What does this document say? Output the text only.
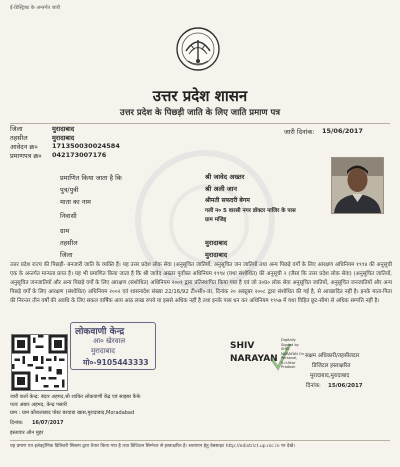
ई-डिस्ट्रिक्ट के अन्तर्गत जारी
उत्तर प्रदेश शासन
उत्तर प्रदेश के पिछड़ी जाति के लिए जाति प्रमाण पत्र
जिला	मुरादाबाद
तहसील	मुरादाबाद
आवेदन क्र० 171350030024584
प्रमाणपत्र क्र० 042173007176
जारी दिनांक: 15/06/2017
प्रमाणित किया जाता है कि	श्री जावेद अख्तर
पुत्र/पुत्री	श्री अली जान
माता का नाम	श्रीमती सफदरी बेगम
निवासी
गली न० 5 वारसी नगर डॉक्टर नाजिर के पास
ग्राम मजिद्द
ग्राम
तहसील	मुरादाबाद
जिला	मुरादाबाद
उत्तर प्रदेश राज्य की पिछड़ी- बनजारी जाति के व्यक्ति हैं। यह उत्तर प्रदेश लोक सेवा (अनुसूचित जातियों, अनुसूचित जन जातियों तथा अन्य पिछड़े वर्गों के लिए आरक्षण अधिनियम १९९४ की अनुसूची एक के अन्तर्गत मान्यता प्राप्त है। यह भी प्रमाणित किया जाता है कि श्री जावेद अख्तर पूर्वोक्त अधिनियम १९९४ (यथा संशोधित) की अनुसूची २ (जैसा कि उत्तर प्रदेश लोक सेवा) (अनुसूचित जातियों, अनुसूचित जनजातियों और अन्य पिछड़े वर्गों के लिए आरक्षण (संशोधित) अधिनियम २००१ द्वारा प्रतिस्थापित किया गया है एवं जो उ०प्र० लोक सेवा अनुसूचित जातियों, अनुसूचित जनजातियों और अन्य पिछड़े वर्गों के लिए आरक्षण (संशोधित) अधिनियम २००२ एवं शासनादेश संख्या 22/16/92 टी०सी०-III, दिनांक २० अक्टूबर २००८ द्वारा संशोधित की गई है, से आच्छादित नहीं है। इनके माता-पिता की निरन्तर तीन वर्षों की अवधि के लिए सकल वार्षिक आय आठ लाख रुपये या इससे अधिक नहीं है तथा इनके पास धन कर अधिनियम १९५७ में यथा विहित छूट-सीमा से अधिक सम्पत्ति नहीं है।
लोकवाणी केन्द्र
आ० खेरवाल
मुरादाबाद
मो०-9105443333
जारी कर्ता केन्द्र: बंदार अहमद,श्री शाकिर लोकवाणी केंद्र एवं साइबर कैफे
पताः अंबार अहमद, केन्द्र पसारी
ग्राम : ग्राम कौशलाबाद पोस्ट बरवाडा खास,मुरादाबाद,Moradabad
दिनांक: 16/07/2017
इस्तावार ऑन मुहर
SHIV NARAYAN
Digitally Signed by SHIV NARAYAN On Personal, S=Uttar Pradesh
सक्षम अधिकारी/तहसीलदार
डिजिटल हस्ताक्षरित
मुरादाबाद,मुरादाबाद
दिनांक: 15/06/2017
यह प्रमाण पत्र इलेक्ट्रॉनिक डिलिवरी सिस्टम द्वारा तैयार किया गया है तथा डिजिटल सिग्नेचर से हस्ताक्षरित है। सत्यापन हेतु वेबसाइट http://edistrict.up.nic.in पर देखें।
